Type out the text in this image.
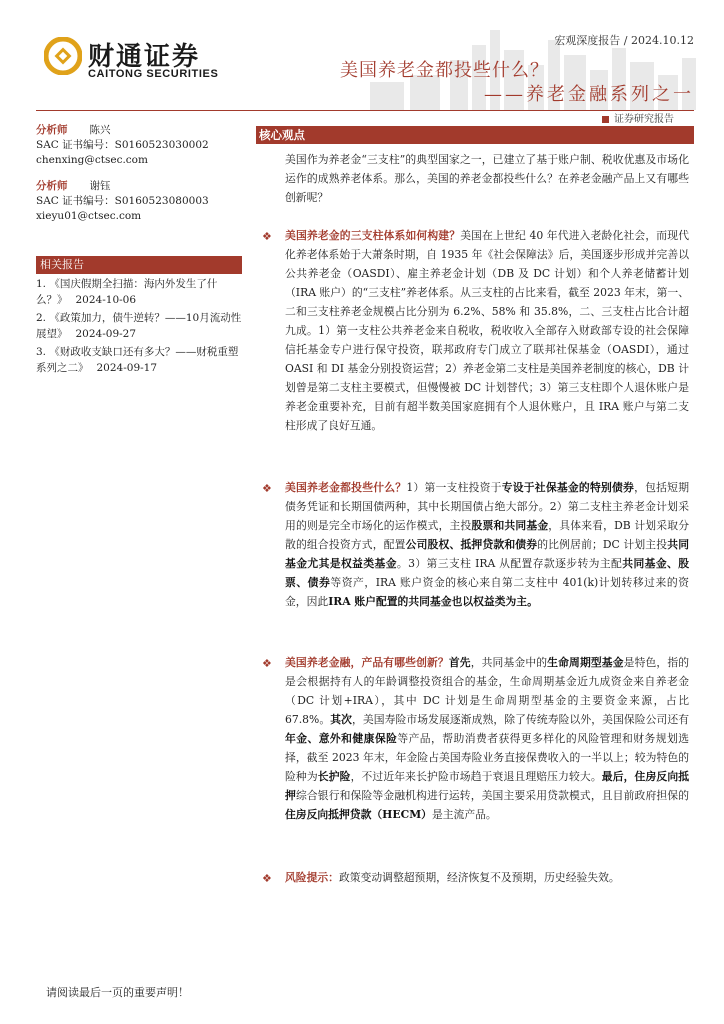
财通证券
CAITONG SECURITIES
宏观深度报告 / 2024.10.12
美国养老金都投些什么？
——养老金融系列之一
证券研究报告
分析师 陈兴
SAC 证书编号：S0160523030002
chenxing@ctsec.com
分析师 谢钰
SAC 证书编号：S0160523080003
xieyu01@ctsec.com
相关报告
1. 《国庆假期全扫描：海内外发生了什么？》 2024-10-06
2. 《政策加力，债牛逆转？——10月流动性展望》 2024-09-27
3. 《财政收支缺口还有多大？——财税重塑系列之二》 2024-09-17
核心观点
美国作为养老金“三支柱”的典型国家之一，已建立了基于账户制、税收优惠及市场化运作的成熟养老体系。那么，美国的养老金都投些什么？在养老金融产品上又有哪些创新呢？
❖ 美国养老金的三支柱体系如何构建？美国在上世纪 40 年代进入老龄化社会，而现代化养老体系始于大萧条时期，自 1935 年《社会保障法》后，美国逐步形成并完善以公共养老金（OASDI）、雇主养老金计划（DB 及 DC 计划）和个人养老储蓄计划（IRA 账户）的“三支柱”养老体系。从三支柱的占比来看，截至 2023 年末，第一、二和三支柱养老金规模占比分别为 6.2%、58% 和 35.8%，二、三支柱占比合计超九成。1）第一支柱公共养老金来自税收，税收收入全部存入财政部专设的社会保障信托基金专户进行保守投资，联邦政府专门成立了联邦社保基金（OASDI），通过 OASI 和 DI 基金分别投资运营；2）养老金第二支柱是美国养老制度的核心，DB 计划曾是第二支柱主要模式，但慢慢被 DC 计划替代；3）第三支柱即个人退休账户是养老金重要补充，目前有超半数美国家庭拥有个人退休账户，且 IRA 账户与第二支柱形成了良好互通。
❖ 美国养老金都投些什么？1）第一支柱投资于专设于社保基金的特别债券，包括短期债务凭证和长期国债两种，其中长期国债占绝大部分。2）第二支柱主养老金计划采用的则是完全市场化的运作模式，主投股票和共同基金，具体来看，DB 计划采取分散的组合投资方式，配置公司股权、抵押贷款和债券的比例居前；DC 计划主投共同基金尤其是权益类基金。3）第三支柱 IRA 从配置存款逐步转为主配共同基金、股票、债券等资产，IRA 账户资金的核心来自第二支柱中 401(k)计划转移过来的资金，因此IRA 账户配置的共同基金也以权益类为主。
❖ 美国养老金融，产品有哪些创新？首先，共同基金中的生命周期型基金是特色，指的是会根据持有人的年龄调整投资组合的基金，生命周期基金近九成资金来自养老金（DC 计划+IRA），其中 DC 计划是生命周期型基金的主要资金来源，占比 67.8%。其次，美国寿险市场发展逐渐成熟，除了传统寿险以外，美国保险公司还有年金、意外和健康保险等产品，帮助消费者获得更多样化的风险管理和财务规划选择，截至 2023 年末，年金险占美国寿险业务直接保费收入的一半以上；较为特色的险种为长护险，不过近年来长护险市场趋于衰退且理赔压力较大。最后，住房反向抵押综合银行和保险等金融机构进行运转，美国主要采用贷款模式，且目前政府担保的住房反向抵押贷款（HECM）是主流产品。
❖ 风险提示：政策变动调整超预期，经济恢复不及预期，历史经验失效。
请阅读最后一页的重要声明！
